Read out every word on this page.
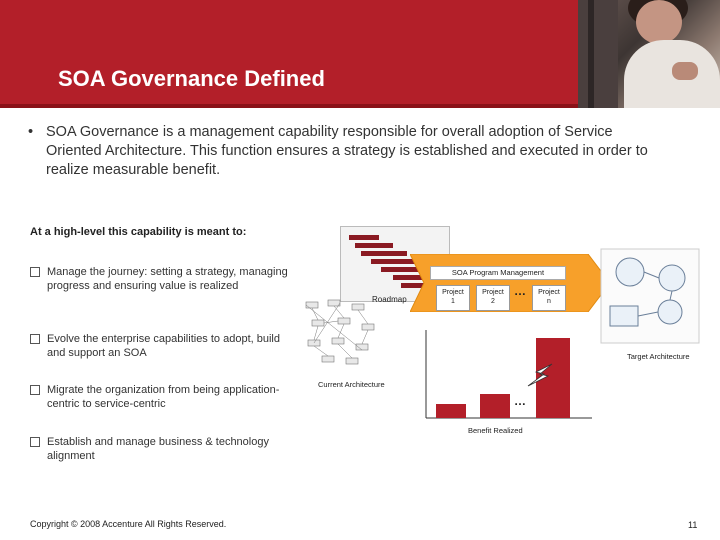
SOA Governance Defined
• SOA Governance is a management capability responsible for overall adoption of Service Oriented Architecture. This function ensures a strategy is established and executed in order to realize measurable benefit.
At a high-level this capability is meant to:
Manage the journey: setting a strategy, managing progress and ensuring value is realized
Evolve the enterprise capabilities to adopt, build and support an SOA
Migrate the organization from being application-centric to service-centric
Establish and manage business & technology alignment
Roadmap
SOA Program Management
Project
1
Project
2
…	Project
n
Target Architecture
Current Architecture
…
Benefit Realized
Copyright © 2008 Accenture All Rights Reserved.	11
